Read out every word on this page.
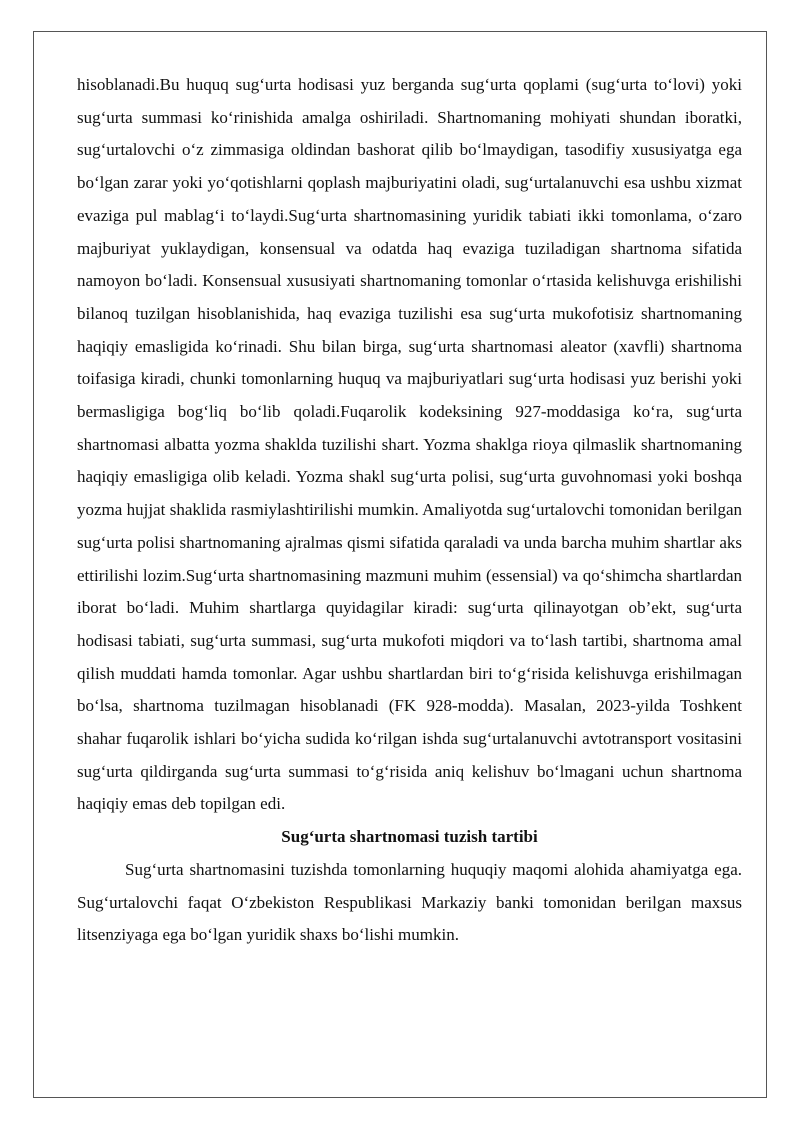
hisoblanadi.Bu huquq sug‘urta hodisasi yuz berganda sug‘urta qoplami (sug‘urta to‘lovi) yoki sug‘urta summasi ko‘rinishida amalga oshiriladi. Shartnomaning mohiyati shundan iboratki, sug‘urtalovchi o‘z zimmasiga oldindan bashorat qilib bo‘lmaydigan, tasodifiy xususiyatga ega bo‘lgan zarar yoki yo‘qotishlarni qoplash majburiyatini oladi, sug‘urtalanuvchi esa ushbu xizmat evaziga pul mablag‘i to‘laydi.Sug‘urta shartnomasining yuridik tabiati ikki tomonlama, o‘zaro majburiyat yuklaydigan, konsensual va odatda haq evaziga tuziladigan shartnoma sifatida namoyon bo‘ladi. Konsensual xususiyati shartnomaning tomonlar o‘rtasida kelishuvga erishilishi bilanoq tuzilgan hisoblanishida, haq evaziga tuzilishi esa sug‘urta mukofotisiz shartnomaning haqiqiy emasligida ko‘rinadi. Shu bilan birga, sug‘urta shartnomasi aleator (xavfli) shartnoma toifasiga kiradi, chunki tomonlarning huquq va majburiyatlari sug‘urta hodisasi yuz berishi yoki bermasligiga bog‘liq bo‘lib qoladi.Fuqarolik kodeksining 927-moddasiga ko‘ra, sug‘urta shartnomasi albatta yozma shaklda tuzilishi shart. Yozma shaklga rioya qilmaslik shartnomaning haqiqiy emasligiga olib keladi. Yozma shakl sug‘urta polisi, sug‘urta guvohnomasi yoki boshqa yozma hujjat shaklida rasmiylashtirilishi mumkin. Amaliyotda sug‘urtalovchi tomonidan berilgan sug‘urta polisi shartnomaning ajralmas qismi sifatida qaraladi va unda barcha muhim shartlar aks ettirilishi lozim.Sug‘urta shartnomasining mazmuni muhim (essensial) va qo‘shimcha shartlardan iborat bo‘ladi. Muhim shartlarga quyidagilar kiradi: sug‘urta qilinayotgan ob’ekt, sug‘urta hodisasi tabiati, sug‘urta summasi, sug‘urta mukofoti miqdori va to‘lash tartibi, shartnoma amal qilish muddati hamda tomonlar. Agar ushbu shartlardan biri to‘g‘risida kelishuvga erishilmagan bo‘lsa, shartnoma tuzilmagan hisoblanadi (FK 928-modda). Masalan, 2023-yilda Toshkent shahar fuqarolik ishlari bo‘yicha sudida ko‘rilgan ishda sug‘urtalanuvchi avtotransport vositasini sug‘urta qildirganda sug‘urta summasi to‘g‘risida aniq kelishuv bo‘lmagani uchun shartnoma haqiqiy emas deb topilgan edi.

Sug‘urta shartnomasi tuzish tartibi

Sug‘urta shartnomasini tuzishda tomonlarning huquqiy maqomi alohida ahamiyatga ega. Sug‘urtalovchi faqat O‘zbekiston Respublikasi Markaziy banki tomonidan berilgan maxsus litsenziyaga ega bo‘lgan yuridik shaxs bo‘lishi mumkin.
